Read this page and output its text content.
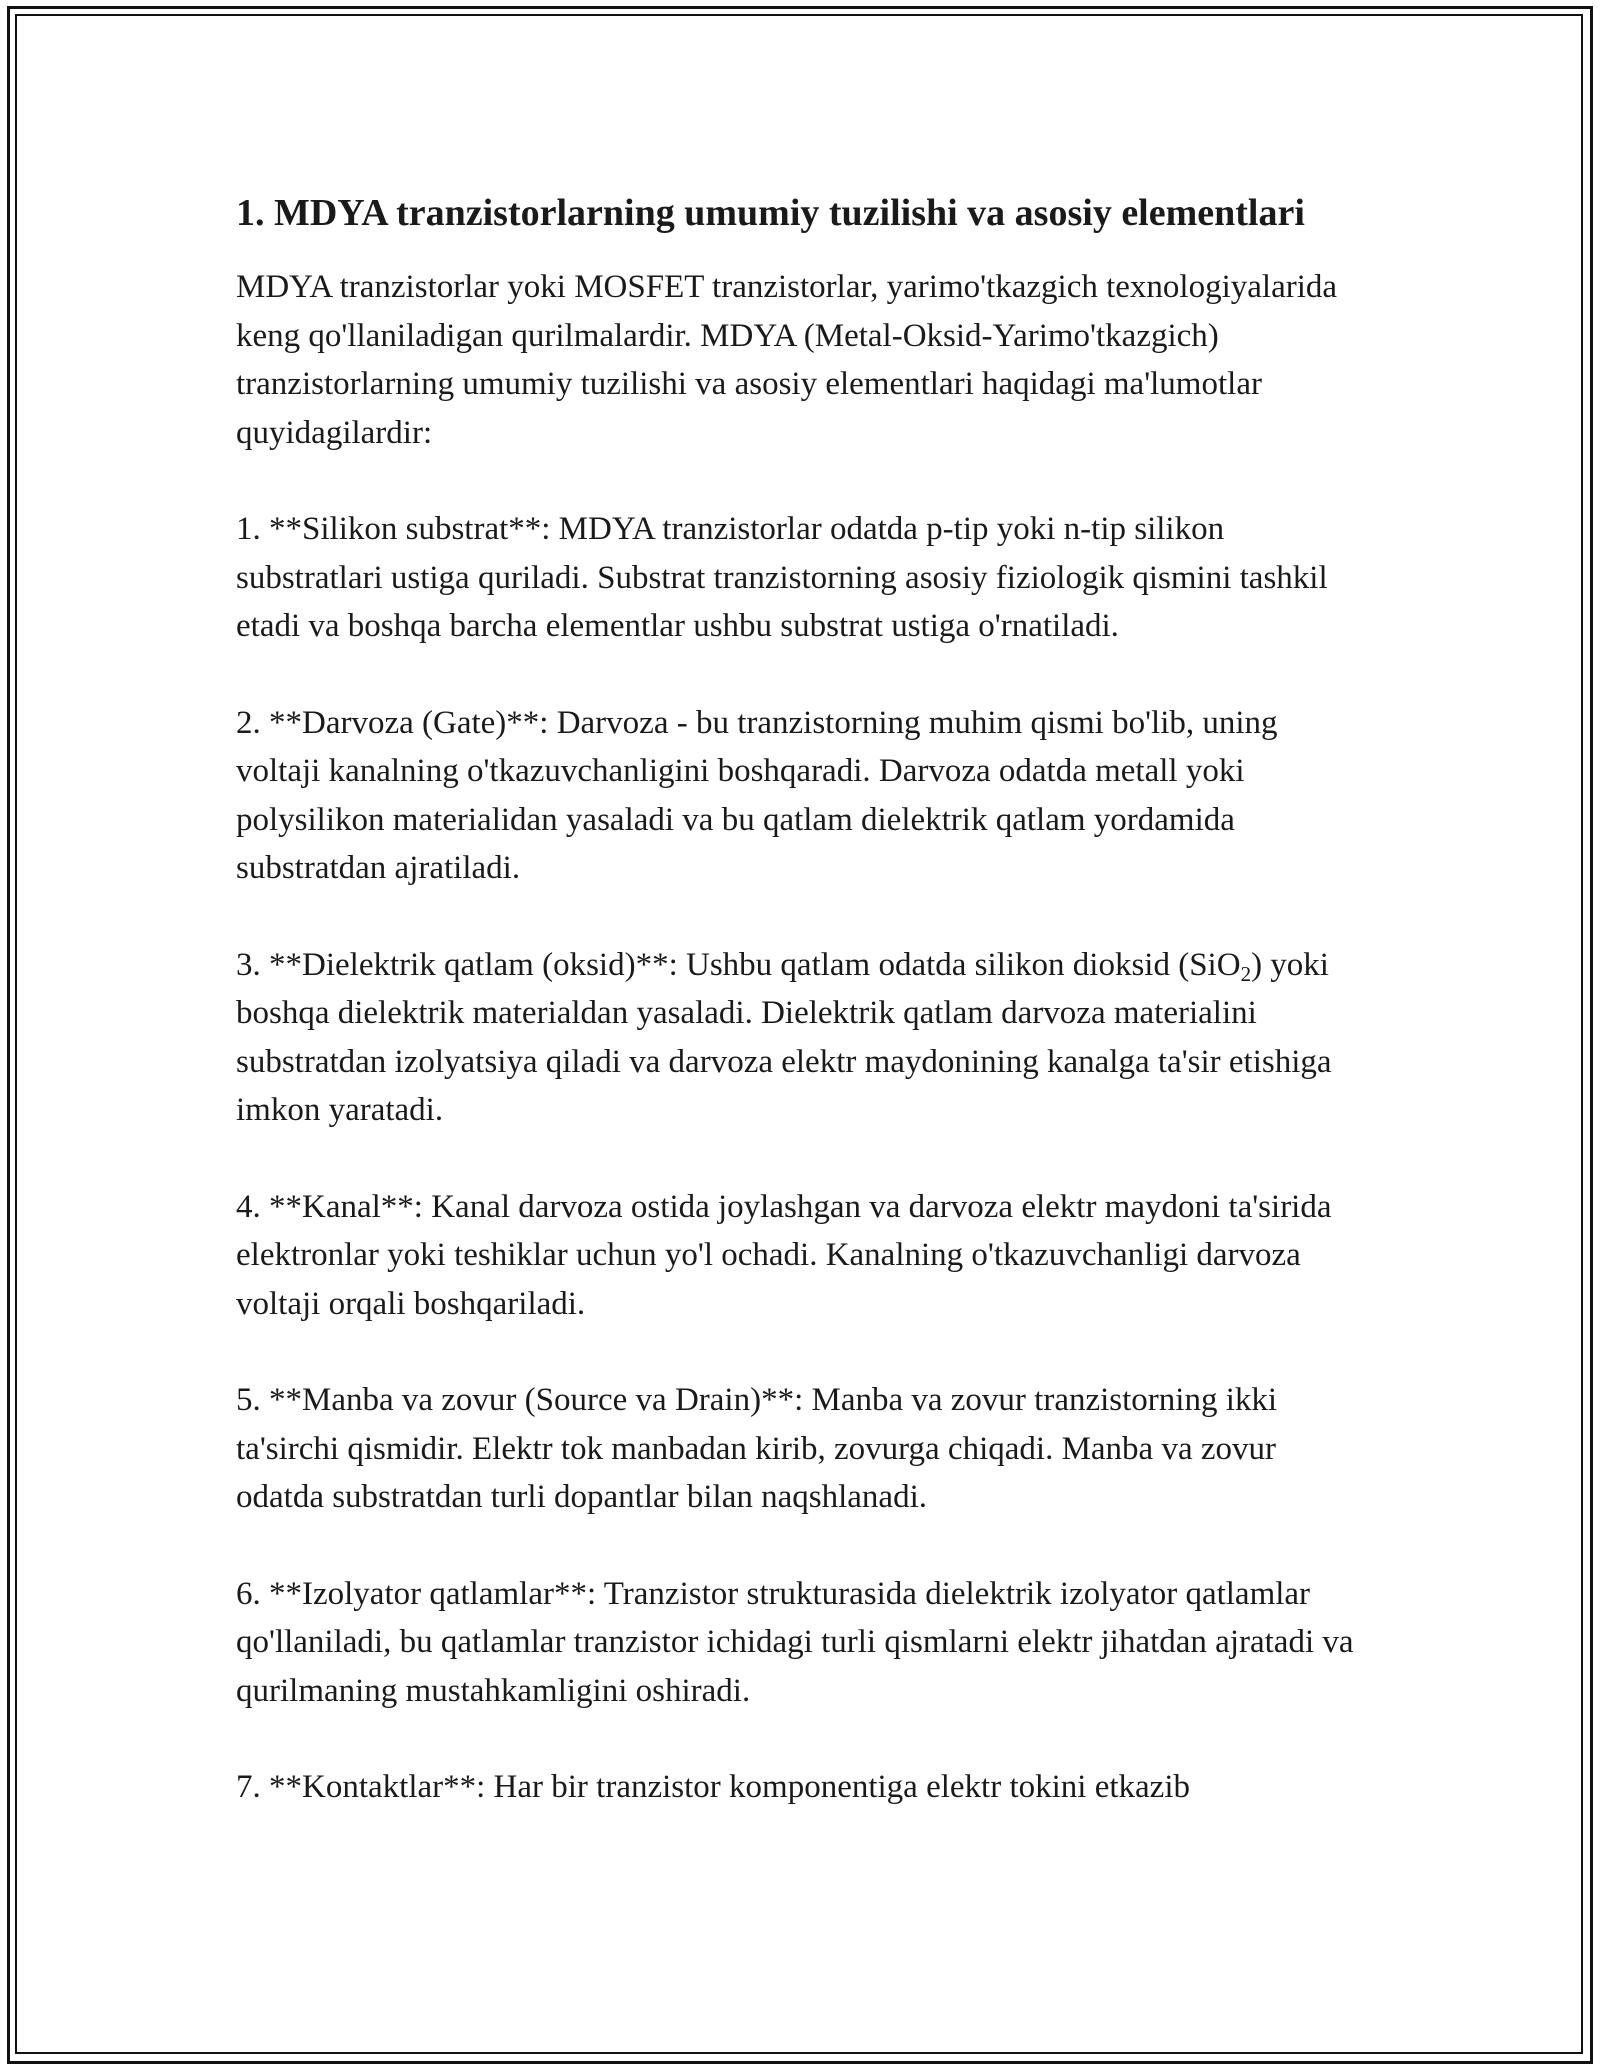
1. MDYA tranzistorlarning umumiy tuzilishi va asosiy elementlari
MDYA tranzistorlar yoki MOSFET tranzistorlar, yarimo'tkazgich texnologiyalarida keng qo'llaniladigan qurilmalardir. MDYA (Metal-Oksid-Yarimo'tkazgich) tranzistorlarning umumiy tuzilishi va asosiy elementlari haqidagi ma'lumotlar quyidagilardir:
1. **Silikon substrat**: MDYA tranzistorlar odatda p-tip yoki n-tip silikon substratlari ustiga quriladi. Substrat tranzistorning asosiy fiziologik qismini tashkil etadi va boshqa barcha elementlar ushbu substrat ustiga o'rnatiladi.
2. **Darvoza (Gate)**: Darvoza - bu tranzistorning muhim qismi bo'lib, uning voltaji kanalning o'tkazuvchanligini boshqaradi. Darvoza odatda metall yoki polysilikon materialidan yasaladi va bu qatlam dielektrik qatlam yordamida substratdan ajratiladi.
3. **Dielektrik qatlam (oksid)**: Ushbu qatlam odatda silikon dioksid (SiO$_2$) yoki boshqa dielektrik materialdan yasaladi. Dielektrik qatlam darvoza materialini substratdan izolyatsiya qiladi va darvoza elektr maydonining kanalga ta'sir etishiga imkon yaratadi.
4. **Kanal**: Kanal darvoza ostida joylashgan va darvoza elektr maydoni ta'sirida elektronlar yoki teshiklar uchun yo'l ochadi. Kanalning o'tkazuvchanligi darvoza voltaji orqali boshqariladi.
5. **Manba va zovur (Source va Drain)**: Manba va zovur tranzistorning ikki ta'sirchi qismidir. Elektr tok manbadan kirib, zovurga chiqadi. Manba va zovur odatda substratdan turli dopantlar bilan naqshlanadi.
6. **Izolyator qatlamlar**: Tranzistor strukturasida dielektrik izolyator qatlamlar qo'llaniladi, bu qatlamlar tranzistor ichidagi turli qismlarni elektr jihatdan ajratadi va qurilmaning mustahkamligini oshiradi.
7. **Kontaktlar**: Har bir tranzistor komponentiga elektr tokini etkazib
